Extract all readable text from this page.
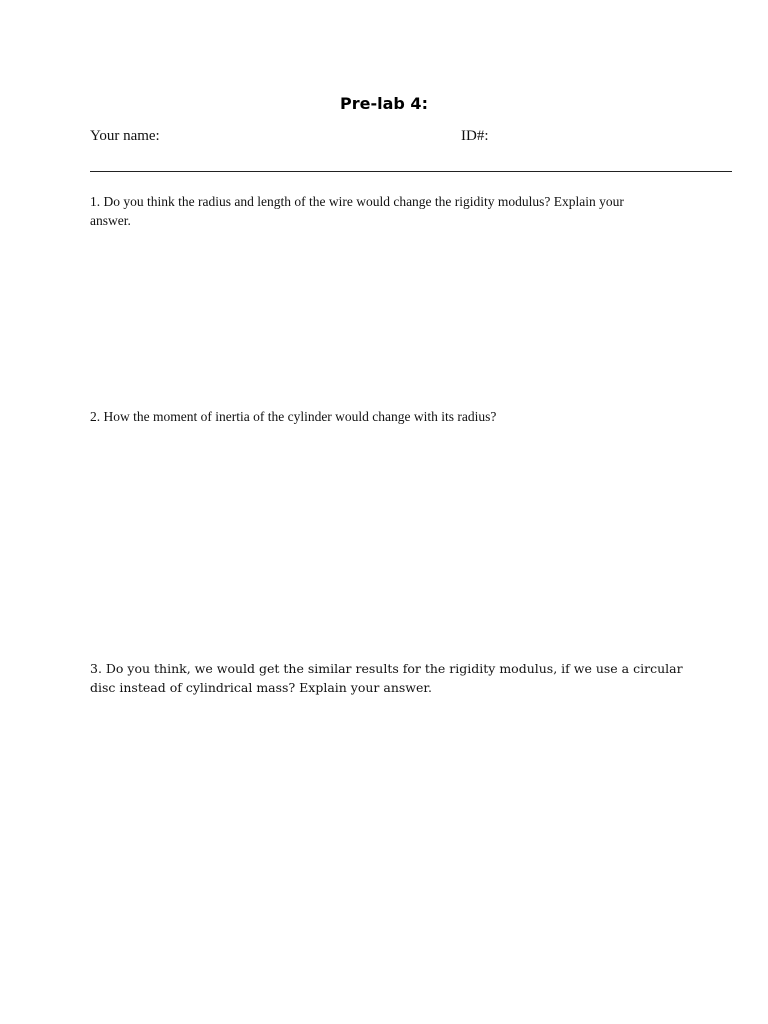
Pre-lab 4:
Your name:	ID#:
1. Do you think the radius and length of the wire would change the rigidity modulus? Explain your answer.
2. How the moment of inertia of the cylinder would change with its radius?
3. Do you think, we would get the similar results for the rigidity modulus, if we use a circular disc instead of cylindrical mass? Explain your answer.
